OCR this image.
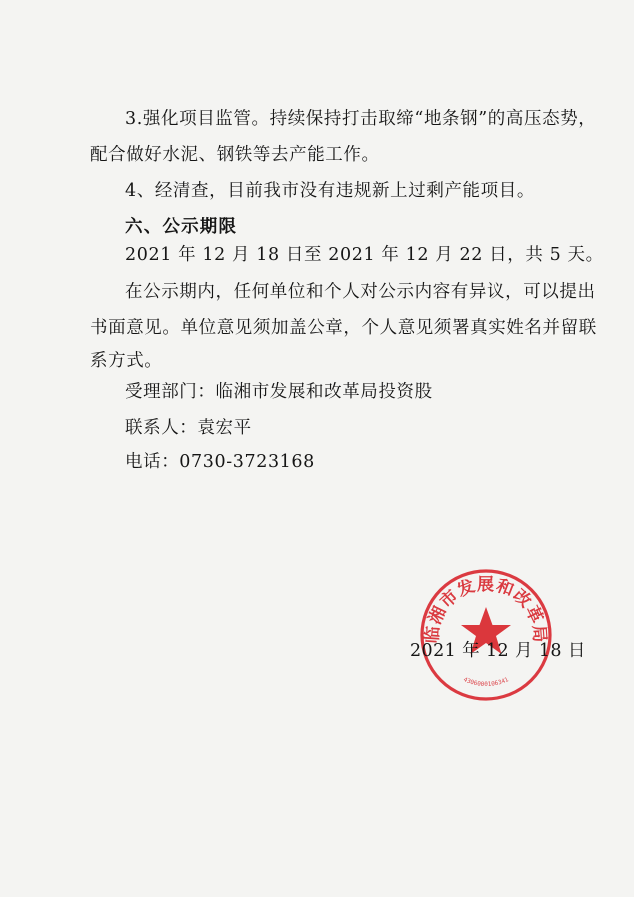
3.强化项目监管。持续保持打击取缔“地条钢”的高压态势，
配合做好水泥、钢铁等去产能工作。
4、经清查，目前我市没有违规新上过剩产能项目。
六、公示期限
2021 年 12 月 18 日至 2021 年 12 月 22 日，共 5 天。
在公示期内，任何单位和个人对公示内容有异议，可以提出
书面意见。单位意见须加盖公章，个人意见须署真实姓名并留联
系方式。
受理部门：临湘市发展和改革局投资股
联系人：袁宏平
电话：0730-3723168
临湘市发展和改革局
4306000106341
2021 年 12 月 18 日
